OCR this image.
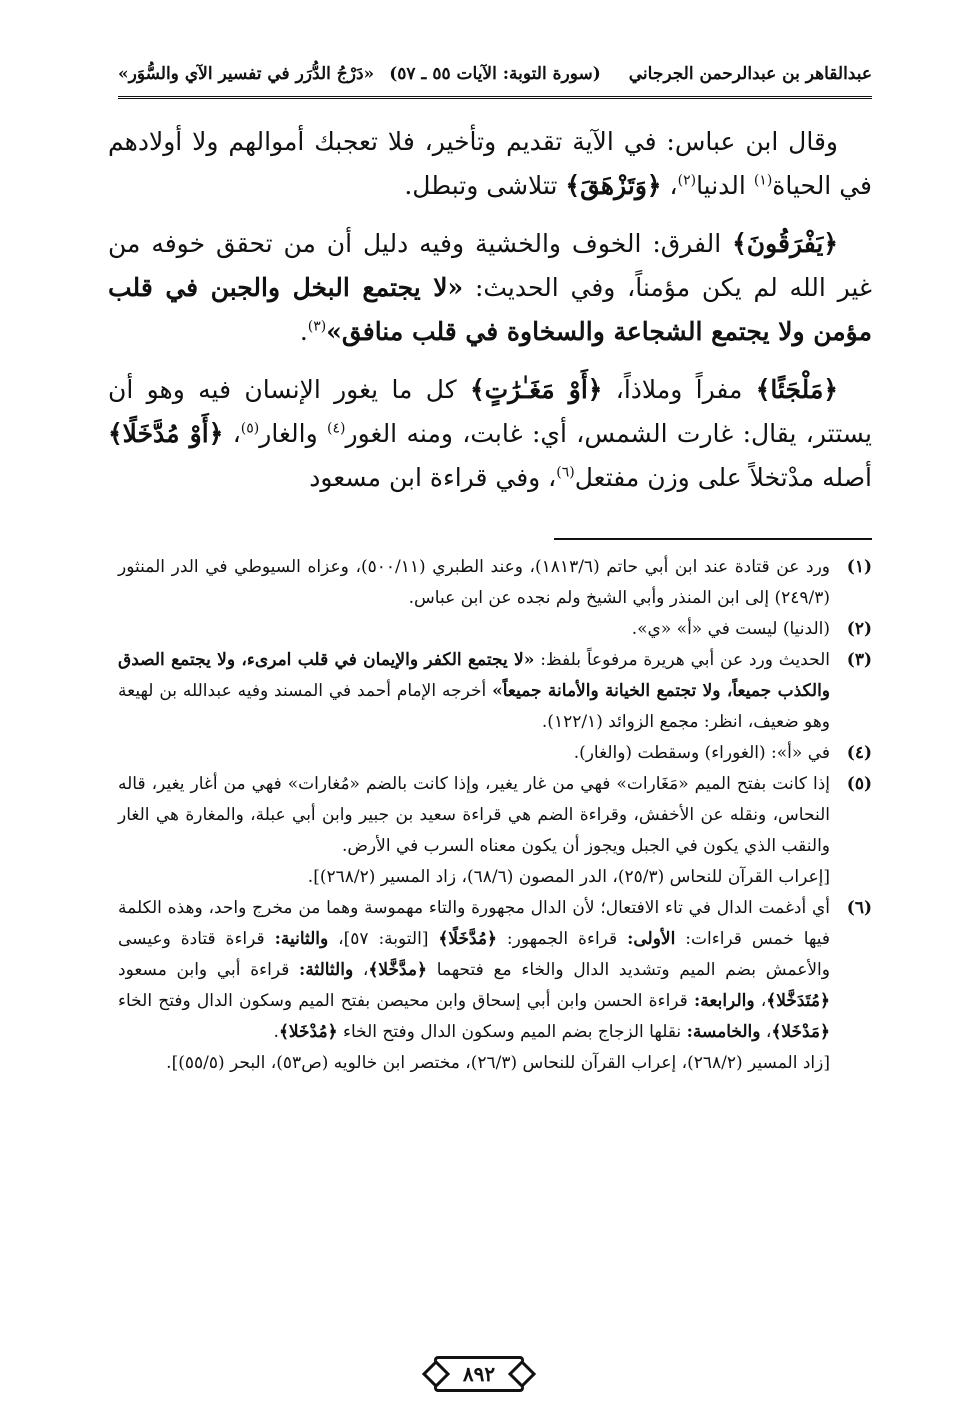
عبدالقاهر بن عبدالرحمن الجرجاني
(سورة التوبة: الآيات ٥٥ ـ ٥٧)
«دَرْجُ الدُّرَر في تفسير الآي والسُّوَر»

وقال ابن عباس: في الآية تقديم وتأخير، فلا تعجبك أموالهم ولا أولادهم في الحياة$^{(١)}$ الدنيا$^{(٢)}$، ﴿وَتَزْهَقَ﴾ تتلاشى وتبطل.

﴿يَفْرَقُونَ﴾ الفرق: الخوف والخشية وفيه دليل أن من تحقق خوفه من غير الله لم يكن مؤمناً، وفي الحديث: «لا يجتمع البخل والجبن في قلب مؤمن ولا يجتمع الشجاعة والسخاوة في قلب منافق»$^{(٣)}$.

﴿مَلْجَئًا﴾ مفراً وملاذاً، ﴿أَوْ مَغَـٰرَٰتٍ﴾ كل ما يغور الإنسان فيه وهو أن يستتر، يقال: غارت الشمس، أي: غابت، ومنه الغور$^{(٤)}$ والغار$^{(٥)}$، ﴿أَوْ مُدَّخَلًا﴾ أصله مدْتخلاً على وزن مفتعل$^{(٦)}$، وفي قراءة ابن مسعود

(١)
ورد عن قتادة عند ابن أبي حاتم (١٨١٣/٦)، وعند الطبري (٥٠٠/١١)، وعزاه السيوطي في الدر المنثور (٢٤٩/٣) إلى ابن المنذر وأبي الشيخ ولم نجده عن ابن عباس.
(٢)
(الدنيا) ليست في «أ» «ي».
(٣)
الحديث ورد عن أبي هريرة مرفوعاً بلفظ: «لا يجتمع الكفر والإيمان في قلب امرىء، ولا يجتمع الصدق والكذب جميعاً، ولا تجتمع الخيانة والأمانة جميعاً» أخرجه الإمام أحمد في المسند وفيه عبدالله بن لهيعة وهو ضعيف، انظر: مجمع الزوائد (١٢٢/١).
(٤)
في «أ»: (الغوراء) وسقطت (والغار).
(٥)
إذا كانت بفتح الميم «مَغَارات» فهي من غار يغير، وإذا كانت بالضم «مُغارات» فهي من أغار يغير، قاله النحاس، ونقله عن الأخفش، وقراءة الضم هي قراءة سعيد بن جبير وابن أبي عبلة، والمغارة هي الغار والنقب الذي يكون في الجبل ويجوز أن يكون معناه السرب في الأرض.
[إعراب القرآن للنحاس (٢٥/٣)، الدر المصون (٦٨/٦)، زاد المسير (٢٦٨/٢)].
(٦)
أي أدغمت الدال في تاء الافتعال؛ لأن الدال مجهورة والتاء مهموسة وهما من مخرج واحد، وهذه الكلمة فيها خمس قراءات: الأولى: قراءة الجمهور: ﴿مُدَّخَلًا﴾ [التوبة: ٥٧]، والثانية: قراءة قتادة وعيسى والأعمش بضم الميم وتشديد الدال والخاء مع فتحهما ﴿مدَّخَّلا﴾، والثالثة: قراءة أبي وابن مسعود ﴿مُتَدَخَّلا﴾، والرابعة: قراءة الحسن وابن أبي إسحاق وابن محيصن بفتح الميم وسكون الدال وفتح الخاء ﴿مَدْخَلا﴾، والخامسة: نقلها الزجاج بضم الميم وسكون الدال وفتح الخاء ﴿مُدْخَلا﴾.
[زاد المسير (٢٦٨/٢)، إعراب القرآن للنحاس (٢٦/٣)، مختصر ابن خالويه (ص٥٣)، البحر (٥٥/٥)].
٨٩٢
